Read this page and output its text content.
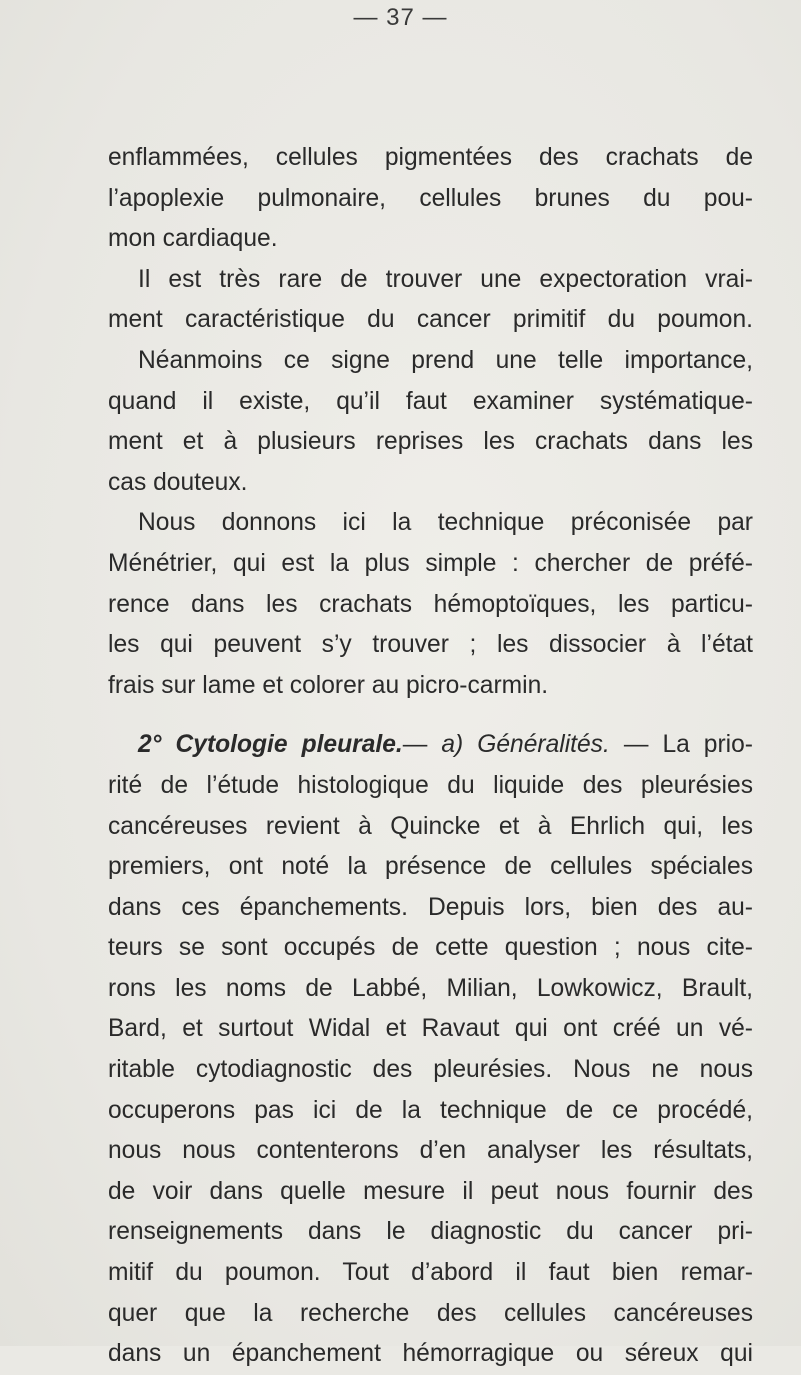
— 37 —
enflammées, cellules pigmentées des crachats de
l’apoplexie pulmonaire, cellules brunes du pou-
mon cardiaque.
Il est très rare de trouver une expectoration vrai-
ment caractéristique du cancer primitif du poumon.
Néanmoins ce signe prend une telle importance,
quand il existe, qu’il faut examiner systématique-
ment et à plusieurs reprises les crachats dans les
cas douteux.
Nous donnons ici la technique préconisée par
Ménétrier, qui est la plus simple : chercher de préfé-
rence dans les crachats hémoptoïques, les particu-
les qui peuvent s’y trouver ; les dissocier à l’état
frais sur lame et colorer au picro-carmin.
2° Cytologie pleurale.— a) Généralités. — La prio-
rité de l’étude histologique du liquide des pleurésies
cancéreuses revient à Quincke et à Ehrlich qui, les
premiers, ont noté la présence de cellules spéciales
dans ces épanchements. Depuis lors, bien des au-
teurs se sont occupés de cette question ; nous cite-
rons les noms de Labbé, Milian, Lowkowicz, Brault,
Bard, et surtout Widal et Ravaut qui ont créé un vé-
ritable cytodiagnostic des pleurésies. Nous ne nous
occuperons pas ici de la technique de ce procédé,
nous nous contenterons d’en analyser les résultats,
de voir dans quelle mesure il peut nous fournir des
renseignements dans le diagnostic du cancer pri-
mitif du poumon. Tout d’abord il faut bien remar-
quer que la recherche des cellules cancéreuses
dans un épanchement hémorragique ou séreux qui
